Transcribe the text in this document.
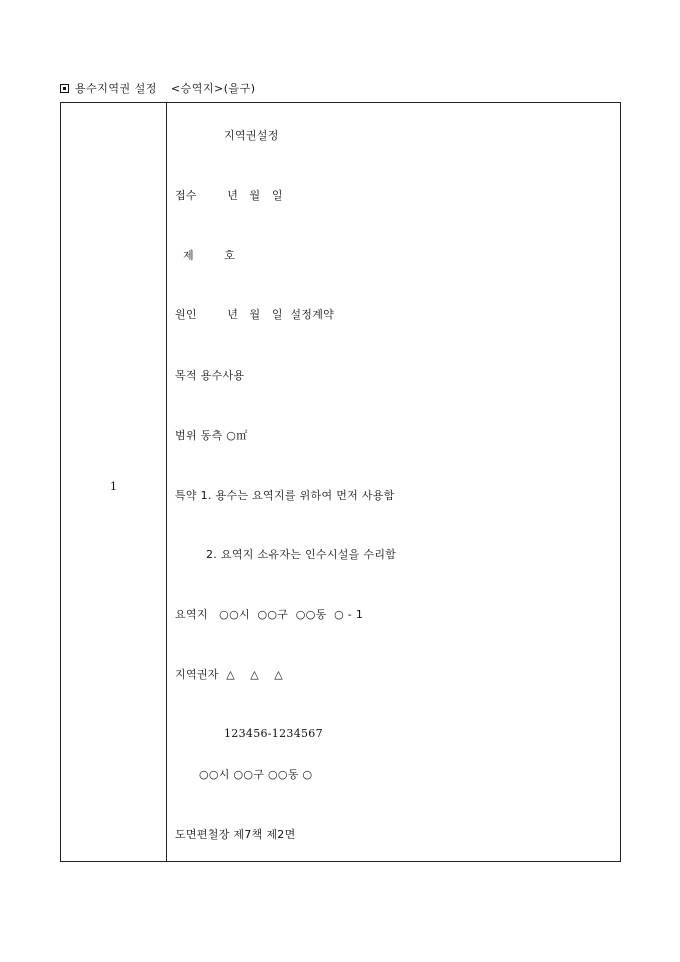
용수지역권 설정 <승역지>(을구)
1
지역권설정
접수        년   월   일
제        호
원인        년   월   일  설정계약
목적 용수사용
범위 동측 ○㎡
특약 1. 용수는 요역지를 위하여 먼저 사용함
2. 요역지 소유자는 인수시설을 수리함
요역지   ○○시  ○○구  ○○동  ○ - 1
지역권자  △    △    △
123456-1234567
○○시 ○○구 ○○동 ○
도면편철장 제7책 제2면
